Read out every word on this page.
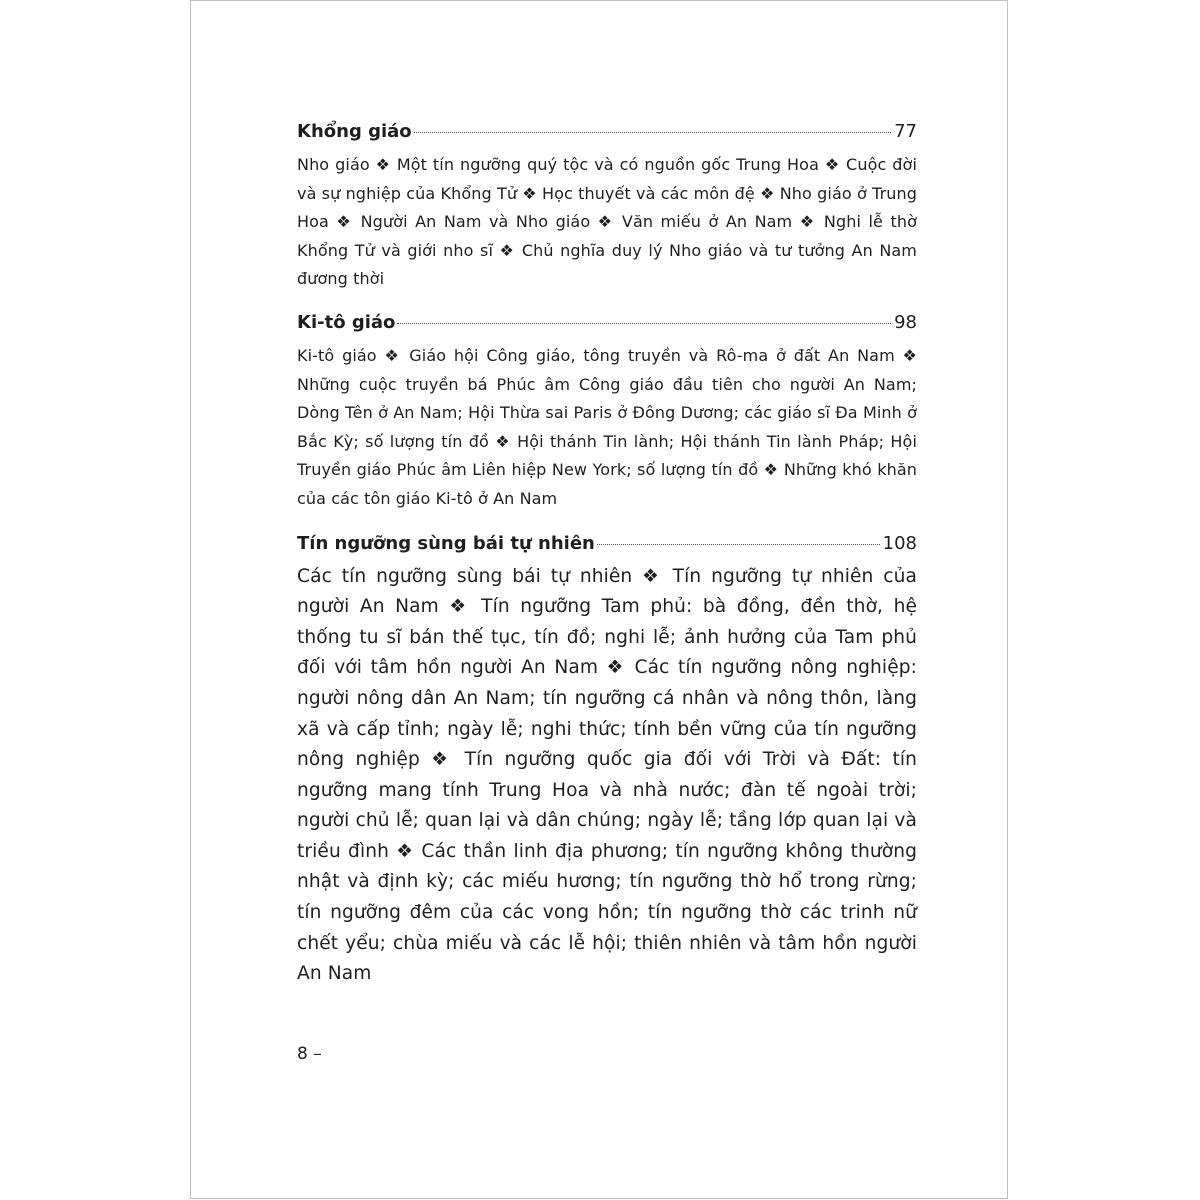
Khổng giáo	77

Nho giáo ❖ Một tín ngưỡng quý tộc và có nguồn gốc Trung Hoa ❖ Cuộc đời và sự nghiệp của Khổng Tử ❖ Học thuyết và các môn đệ ❖ Nho giáo ở Trung Hoa ❖ Người An Nam và Nho giáo ❖ Văn miếu ở An Nam ❖ Nghi lễ thờ Khổng Tử và giới nho sĩ ❖ Chủ nghĩa duy lý Nho giáo và tư tưởng An Nam đương thời

Ki-tô giáo	98

Ki-tô giáo ❖ Giáo hội Công giáo, tông truyền và Rô-ma ở đất An Nam ❖ Những cuộc truyền bá Phúc âm Công giáo đầu tiên cho người An Nam; Dòng Tên ở An Nam; Hội Thừa sai Paris ở Đông Dương; các giáo sĩ Đa Minh ở Bắc Kỳ; số lượng tín đồ ❖ Hội thánh Tin lành; Hội thánh Tin lành Pháp; Hội Truyền giáo Phúc âm Liên hiệp New York; số lượng tín đồ ❖ Những khó khăn của các tôn giáo Ki-tô ở An Nam

Tín ngưỡng sùng bái tự nhiên	108

Các tín ngưỡng sùng bái tự nhiên ❖ Tín ngưỡng tự nhiên của người An Nam ❖ Tín ngưỡng Tam phủ: bà đồng, đền thờ, hệ thống tu sĩ bán thế tục, tín đồ; nghi lễ; ảnh hưởng của Tam phủ đối với tâm hồn người An Nam ❖ Các tín ngưỡng nông nghiệp: người nông dân An Nam; tín ngưỡng cá nhân và nông thôn, làng xã và cấp tỉnh; ngày lễ; nghi thức; tính bền vững của tín ngưỡng nông nghiệp ❖ Tín ngưỡng quốc gia đối với Trời và Đất: tín ngưỡng mang tính Trung Hoa và nhà nước; đàn tế ngoài trời; người chủ lễ; quan lại và dân chúng; ngày lễ; tầng lớp quan lại và triều đình ❖ Các thần linh địa phương; tín ngưỡng không thường nhật và định kỳ; các miếu hương; tín ngưỡng thờ hổ trong rừng; tín ngưỡng đêm của các vong hồn; tín ngưỡng thờ các trinh nữ chết yểu; chùa miếu và các lễ hội; thiên nhiên và tâm hồn người An Nam

8 –
